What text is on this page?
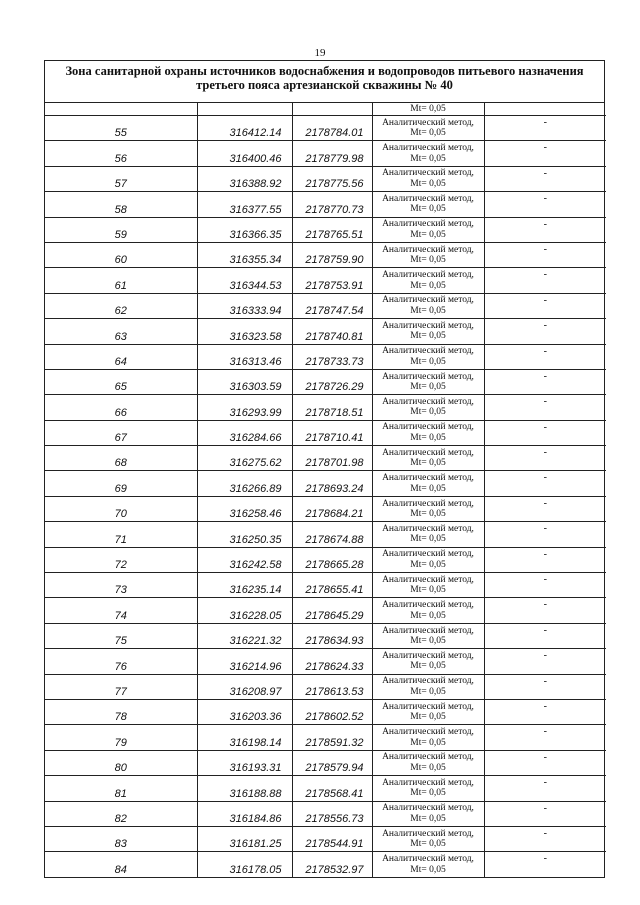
19
Зона санитарной охраны источников водоснабжения и водопроводов питьевого назначения
третьего пояса артезианской скважины № 40
			Mt= 0,05	
55	316412.14	2178784.01	Аналитический метод,
Mt= 0,05	-
56	316400.46	2178779.98	Аналитический метод,
Mt= 0,05	-
57	316388.92	2178775.56	Аналитический метод,
Mt= 0,05	-
58	316377.55	2178770.73	Аналитический метод,
Mt= 0,05	-
59	316366.35	2178765.51	Аналитический метод,
Mt= 0,05	-
60	316355.34	2178759.90	Аналитический метод,
Mt= 0,05	-
61	316344.53	2178753.91	Аналитический метод,
Mt= 0,05	-
62	316333.94	2178747.54	Аналитический метод,
Mt= 0,05	-
63	316323.58	2178740.81	Аналитический метод,
Mt= 0,05	-
64	316313.46	2178733.73	Аналитический метод,
Mt= 0,05	-
65	316303.59	2178726.29	Аналитический метод,
Mt= 0,05	-
66	316293.99	2178718.51	Аналитический метод,
Mt= 0,05	-
67	316284.66	2178710.41	Аналитический метод,
Mt= 0,05	-
68	316275.62	2178701.98	Аналитический метод,
Mt= 0,05	-
69	316266.89	2178693.24	Аналитический метод,
Mt= 0,05	-
70	316258.46	2178684.21	Аналитический метод,
Mt= 0,05	-
71	316250.35	2178674.88	Аналитический метод,
Mt= 0,05	-
72	316242.58	2178665.28	Аналитический метод,
Mt= 0,05	-
73	316235.14	2178655.41	Аналитический метод,
Mt= 0,05	-
74	316228.05	2178645.29	Аналитический метод,
Mt= 0,05	-
75	316221.32	2178634.93	Аналитический метод,
Mt= 0,05	-
76	316214.96	2178624.33	Аналитический метод,
Mt= 0,05	-
77	316208.97	2178613.53	Аналитический метод,
Mt= 0,05	-
78	316203.36	2178602.52	Аналитический метод,
Mt= 0,05	-
79	316198.14	2178591.32	Аналитический метод,
Mt= 0,05	-
80	316193.31	2178579.94	Аналитический метод,
Mt= 0,05	-
81	316188.88	2178568.41	Аналитический метод,
Mt= 0,05	-
82	316184.86	2178556.73	Аналитический метод,
Mt= 0,05	-
83	316181.25	2178544.91	Аналитический метод,
Mt= 0,05	-
84	316178.05	2178532.97	Аналитический метод,
Mt= 0,05	-
